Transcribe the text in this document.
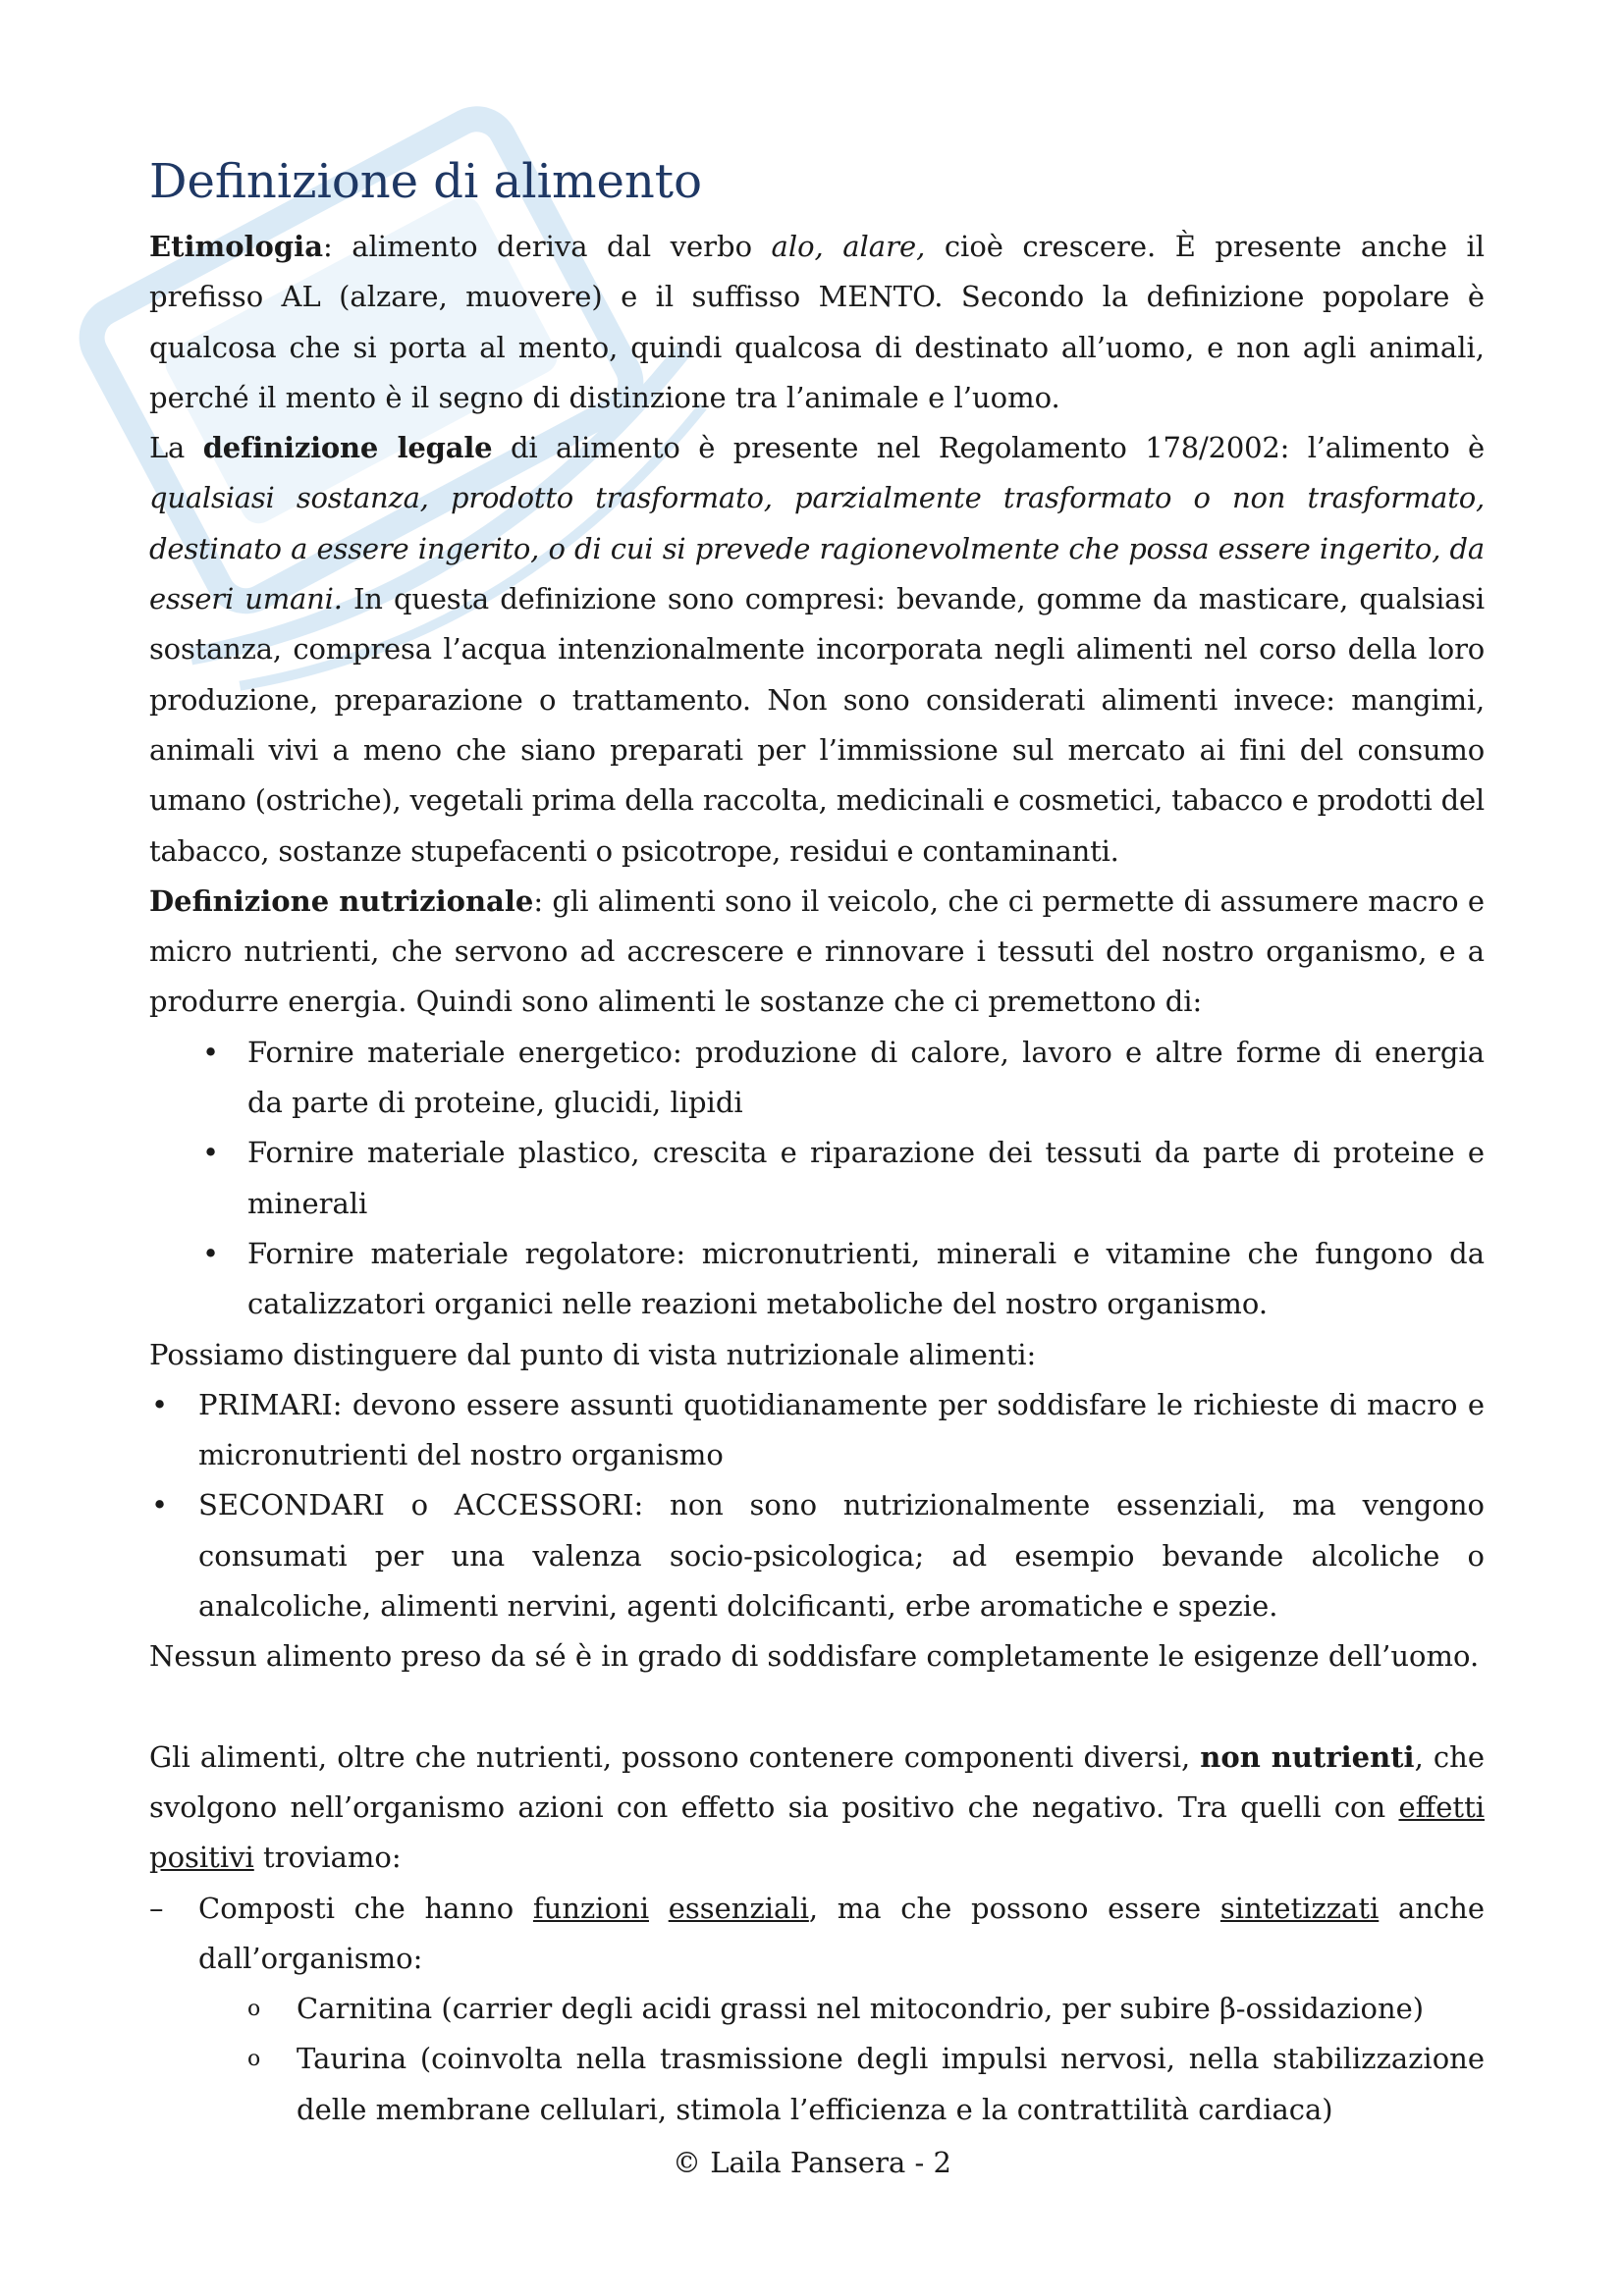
Definizione di alimento

Etimologia: alimento deriva dal verbo alo, alare, cioè crescere. È presente anche il prefisso AL (alzare, muovere) e il suffisso MENTO. Secondo la definizione popolare è qualcosa che si porta al mento, quindi qualcosa di destinato all’uomo, e non agli animali, perché il mento è il segno di distinzione tra l’animale e l’uomo.

La definizione legale di alimento è presente nel Regolamento 178/2002: l’alimento è qualsiasi sostanza, prodotto trasformato, parzialmente trasformato o non trasformato, destinato a essere ingerito, o di cui si prevede ragionevolmente che possa essere ingerito, da esseri umani. In questa definizione sono compresi: bevande, gomme da masticare, qualsiasi sostanza, compresa l’acqua intenzionalmente incorporata negli alimenti nel corso della loro produzione, preparazione o trattamento. Non sono considerati alimenti invece: mangimi, animali vivi a meno che siano preparati per l’immissione sul mercato ai fini del consumo umano (ostriche), vegetali prima della raccolta, medicinali e cosmetici, tabacco e prodotti del tabacco, sostanze stupefacenti o psicotrope, residui e contaminanti.

Definizione nutrizionale: gli alimenti sono il veicolo, che ci permette di assumere macro e micro nutrienti, che servono ad accrescere e rinnovare i tessuti del nostro organismo, e a produrre energia. Quindi sono alimenti le sostanze che ci premettono di:

• Fornire materiale energetico: produzione di calore, lavoro e altre forme di energia da parte di proteine, glucidi, lipidi
• Fornire materiale plastico, crescita e riparazione dei tessuti da parte di proteine e minerali
• Fornire materiale regolatore: micronutrienti, minerali e vitamine che fungono da catalizzatori organici nelle reazioni metaboliche del nostro organismo.

Possiamo distinguere dal punto di vista nutrizionale alimenti:

• PRIMARI: devono essere assunti quotidianamente per soddisfare le richieste di macro e micronutrienti del nostro organismo
• SECONDARI o ACCESSORI: non sono nutrizionalmente essenziali, ma vengono consumati per una valenza socio-psicologica; ad esempio bevande alcoliche o analcoliche, alimenti nervini, agenti dolcificanti, erbe aromatiche e spezie.

Nessun alimento preso da sé è in grado di soddisfare completamente le esigenze dell’uomo.

Gli alimenti, oltre che nutrienti, possono contenere componenti diversi, non nutrienti, che svolgono nell’organismo azioni con effetto sia positivo che negativo. Tra quelli con effetti positivi troviamo:

– Composti che hanno funzioni essenziali, ma che possono essere sintetizzati anche dall’organismo:
o Carnitina (carrier degli acidi grassi nel mitocondrio, per subire β-ossidazione)
o Taurina (coinvolta nella trasmissione degli impulsi nervosi, nella stabilizzazione delle membrane cellulari, stimola l’efficienza e la contrattilità cardiaca)
© Laila Pansera - 2
